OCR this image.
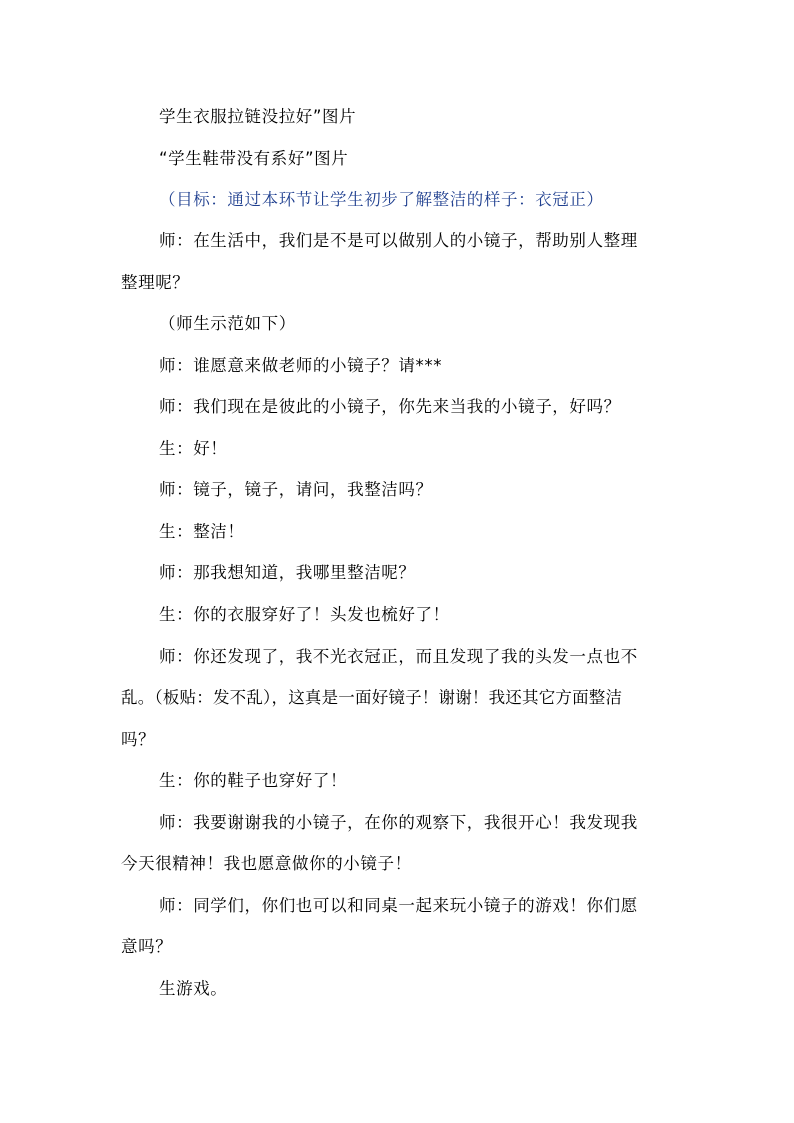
学生衣服拉链没拉好”图片
“学生鞋带没有系好”图片
（目标：通过本环节让学生初步了解整洁的样子：衣冠正）
师：在生活中，我们是不是可以做别人的小镜子，帮助别人整理
整理呢？
（师生示范如下）
师：谁愿意来做老师的小镜子？请***
师：我们现在是彼此的小镜子，你先来当我的小镜子，好吗？
生：好！
师：镜子，镜子，请问，我整洁吗？
生：整洁！
师：那我想知道，我哪里整洁呢？
生：你的衣服穿好了！头发也梳好了！
师：你还发现了，我不光衣冠正，而且发现了我的头发一点也不
乱。（板贴：发不乱），这真是一面好镜子！谢谢！我还其它方面整洁
吗？
生：你的鞋子也穿好了！
师：我要谢谢我的小镜子，在你的观察下，我很开心！我发现我
今天很精神！我也愿意做你的小镜子！
师：同学们，你们也可以和同桌一起来玩小镜子的游戏！你们愿
意吗？
生游戏。
